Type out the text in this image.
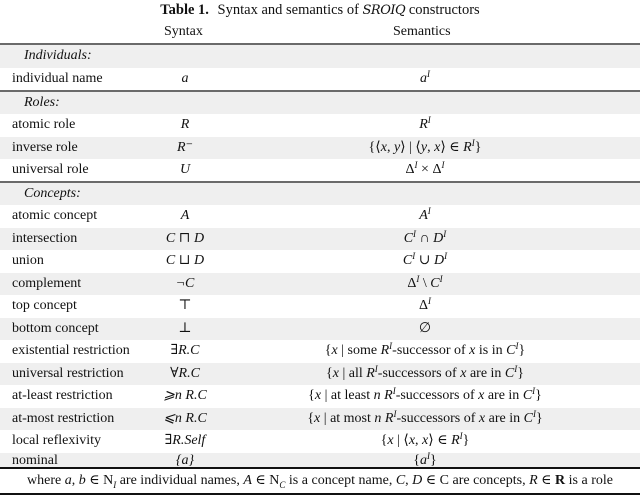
Table 1. Syntax and semantics of SROIQ constructors
Syntax	Semantics
Individuals:
individual name	a	$a^I$
Roles:
atomic role	R	$R^I$
inverse role	R⁻	{⟨x, y⟩ | ⟨y, x⟩ ∈ $R^I$}
universal role	U	$\Delta^I \times \Delta^I$
Concepts:
atomic concept	A	$A^I$
intersection	C ⊓ D	$C^I$ ∩ $D^I$
union	C ⊔ D	$C^I$ ∪ $D^I$
complement	¬C	$\Delta^I$ \ $C^I$
top concept	⊤	$\Delta^I$
bottom concept	⊥	∅
existential restriction	∃R.C	{x | some $R^I$-successor of x is in $C^I$}
universal restriction	∀R.C	{x | all $R^I$-successors of x are in $C^I$}
at-least restriction	⩾n R.C	{x | at least n $R^I$-successors of x are in $C^I$}
at-most restriction	⩽n R.C	{x | at most n $R^I$-successors of x are in $C^I$}
local reflexivity	∃R.Self	{x | ⟨x, x⟩ ∈ $R^I$}
nominal	{a}	$\{a^I\}$
where a, b ∈ $N_I$ are individual names, A ∈ $N_C$ is a concept name, C, D ∈ C are concepts, R ∈ R is a role
